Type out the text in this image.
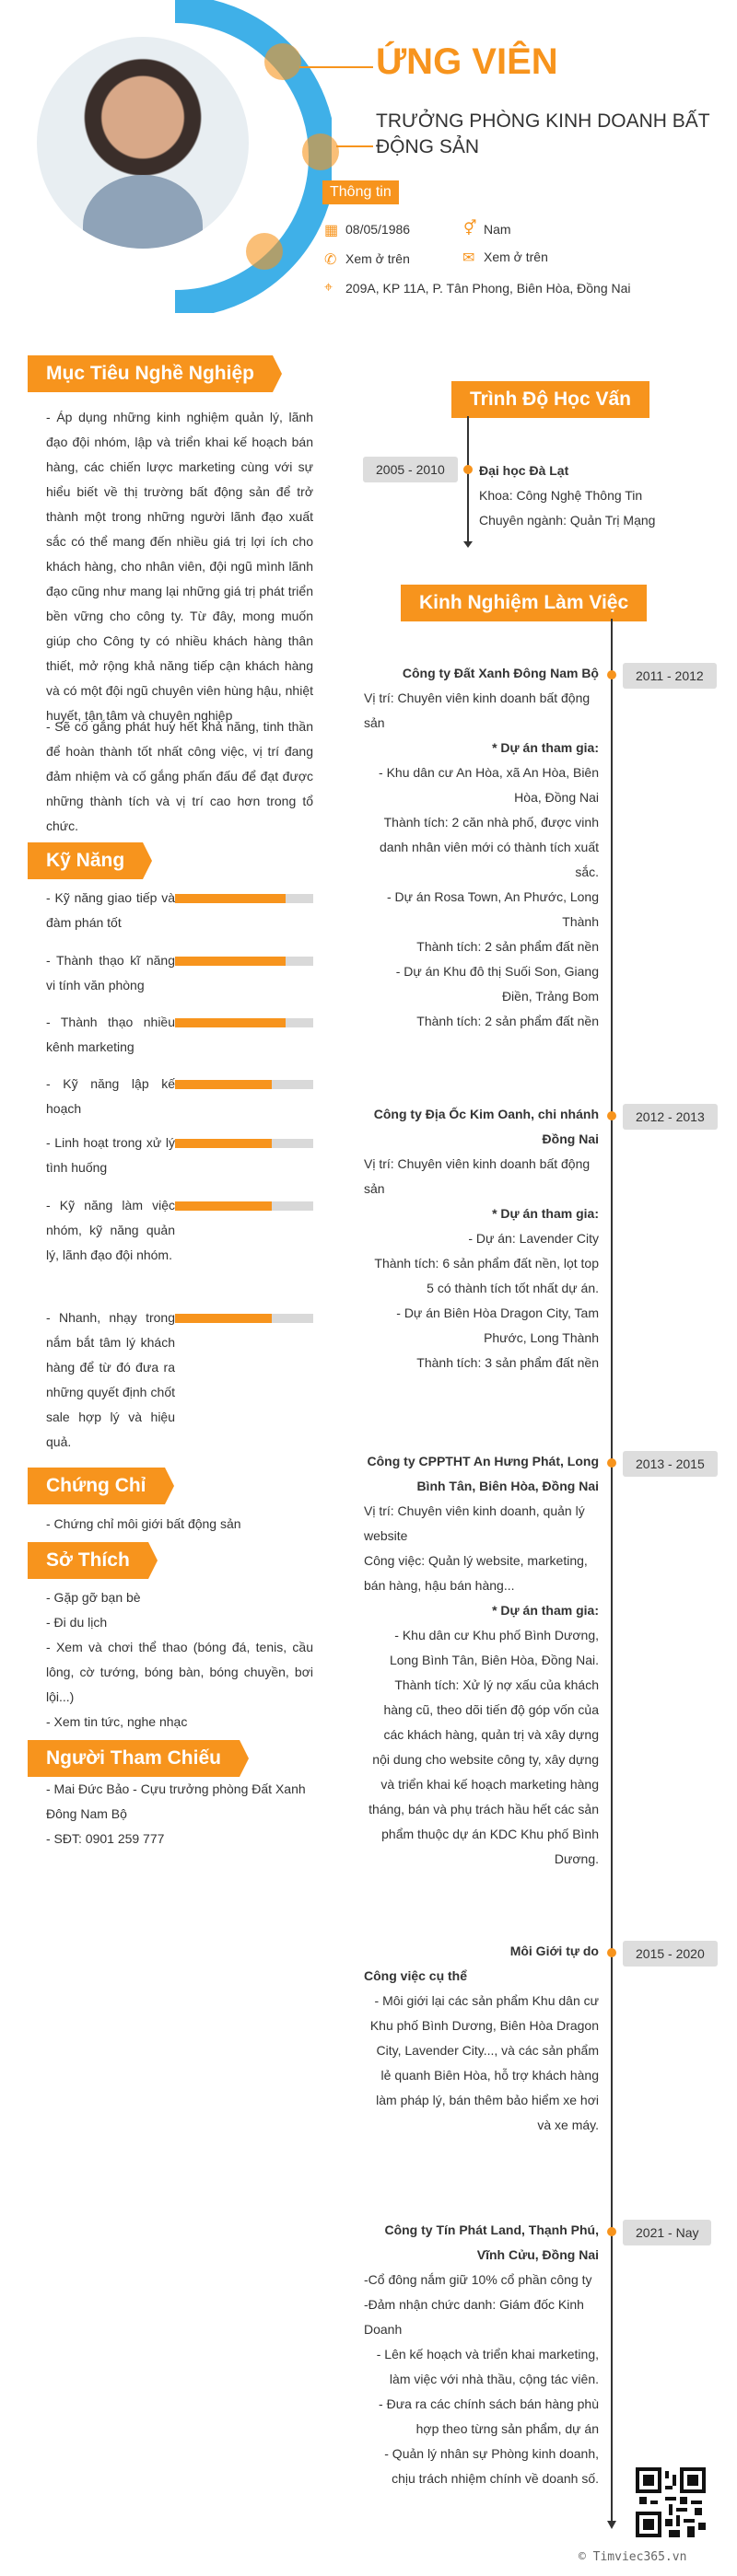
ỨNG VIÊN
TRƯỞNG PHÒNG KINH DOANH BẤT ĐỘNG SẢN
Thông tin
▦ 08/05/1986	⚥ Nam
✆ Xem ở trên	✉ Xem ở trên
⌖ 209A, KP 11A, P. Tân Phong, Biên Hòa, Đồng Nai
Mục Tiêu Nghề Nghiệp
- Áp dụng những kinh nghiệm quản lý, lãnh đạo đội nhóm, lập và triển khai kế hoạch bán hàng, các chiến lược marketing cùng với sự hiểu biết về thị trường bất động sản để trở thành một trong những người lãnh đạo xuất sắc có thể mang đến nhiều giá trị lợi ích cho khách hàng, cho nhân viên, đội ngũ mình lãnh đạo cũng như mang lại những giá trị phát triển bền vững cho công ty. Từ đây, mong muốn giúp cho Công ty có nhiều khách hàng thân thiết, mở rộng khả năng tiếp cận khách hàng và có một đội ngũ chuyên viên hùng hậu, nhiệt huyết, tận tâm và chuyên nghiệp
- Sẽ cố gắng phát huy hết khả năng, tinh thần để hoàn thành tốt nhất công việc, vị trí đang đảm nhiệm và cố gắng phấn đấu để đạt được những thành tích và vị trí cao hơn trong tổ chức.
Kỹ Năng
- Kỹ năng giao tiếp và đàm phán tốt
- Thành thạo kĩ năng vi tính văn phòng
- Thành thạo nhiều kênh marketing
- Kỹ năng lập kế hoạch
- Linh hoạt trong xử lý tình huống
- Kỹ năng làm việc nhóm, kỹ năng quản lý, lãnh đạo đội nhóm.
- Nhanh, nhạy trong nắm bắt tâm lý khách hàng để từ đó đưa ra những quyết định chốt sale hợp lý và hiệu quả.
Chứng Chỉ
- Chứng chỉ môi giới bất động sản
Sở Thích
- Gặp gỡ bạn bè
- Đi du lịch
- Xem và chơi thể thao (bóng đá, tenis, cầu lông, cờ tướng, bóng bàn, bóng chuyền, bơi lội...)
- Xem tin tức, nghe nhạc
Người Tham Chiếu
- Mai Đức Bảo - Cựu trưởng phòng Đất Xanh Đông Nam Bộ
- SĐT: 0901 259 777
Trình Độ Học Vấn
2005 - 2010	Đại học Đà Lạt
Khoa: Công Nghệ Thông Tin
Chuyên ngành: Quản Trị Mạng
Kinh Nghiệm Làm Việc
2011 - 2012
Công ty Đất Xanh Đông Nam Bộ
Vị trí: Chuyên viên kinh doanh bất động sản
* Dự án tham gia:
- Khu dân cư An Hòa, xã An Hòa, Biên Hòa, Đồng Nai
Thành tích: 2 căn nhà phố, được vinh danh nhân viên mới có thành tích xuất sắc.
- Dự án Rosa Town, An Phước, Long Thành
Thành tích: 2 sản phẩm đất nền
- Dự án Khu đô thị Suối Son, Giang Điền, Trảng Bom
Thành tích: 2 sản phẩm đất nền
2012 - 2013
Công ty Địa Ốc Kim Oanh, chi nhánh Đồng Nai
Vị trí: Chuyên viên kinh doanh bất động sản
* Dự án tham gia:
- Dự án: Lavender City
Thành tích: 6 sản phẩm đất nền, lọt top 5 có thành tích tốt nhất dự án.
- Dự án Biên Hòa Dragon City, Tam Phước, Long Thành
Thành tích: 3 sản phẩm đất nền
2013 - 2015
Công ty CPPTHT An Hưng Phát, Long Bình Tân, Biên Hòa, Đồng Nai
Vị trí: Chuyên viên kinh doanh, quản lý website
Công việc: Quản lý website, marketing, bán hàng, hậu bán hàng...
* Dự án tham gia:
- Khu dân cư Khu phố Bình Dương, Long Bình Tân, Biên Hòa, Đồng Nai.
Thành tích: Xử lý nợ xấu của khách hàng cũ, theo dõi tiến độ góp vốn của các khách hàng, quản trị và xây dựng nội dung cho website công ty, xây dựng và triển khai kế hoạch marketing hàng tháng, bán và phụ trách hầu hết các sản phẩm thuộc dự án KDC Khu phố Bình Dương.
2015 - 2020
Môi Giới tự do
Công việc cụ thể
- Môi giới lại các sản phẩm Khu dân cư Khu phố Bình Dương, Biên Hòa Dragon City, Lavender City..., và các sản phẩm lẻ quanh Biên Hòa, hỗ trợ khách hàng làm pháp lý, bán thêm bảo hiểm xe hơi và xe máy.
2021 - Nay
Công ty Tín Phát Land, Thạnh Phú, Vĩnh Cửu, Đồng Nai
-Cổ đông nắm giữ 10% cổ phần công ty
-Đảm nhận chức danh: Giám đốc Kinh Doanh
- Lên kế hoạch và triển khai marketing, làm việc với nhà thầu, cộng tác viên.
- Đưa ra các chính sách bán hàng phù hợp theo từng sản phẩm, dự án
- Quản lý nhân sự Phòng kinh doanh, chịu trách nhiệm chính về doanh số.
© Timviec365.vn
